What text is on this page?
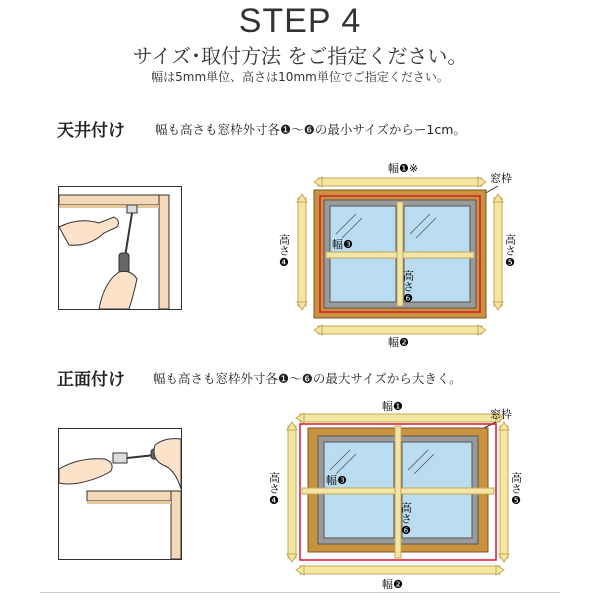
STEP 4
サイズ･取付方法 をご指定ください。
幅は5mm単位、高さは10mm単位でご指定ください。
天井付け 幅も高さも窓枠外寸各❶〜❻の最小サイズからー1cm。
幅❶※
窓枠
幅❸
高さ❻
高さ❹	高さ❺
幅❷
正面付け 幅も高さも窓枠外寸各❶〜❻の最大サイズから大きく。
幅❶
窓枠
幅❸
高さ❻
高さ❹	高さ❺
幅❷
